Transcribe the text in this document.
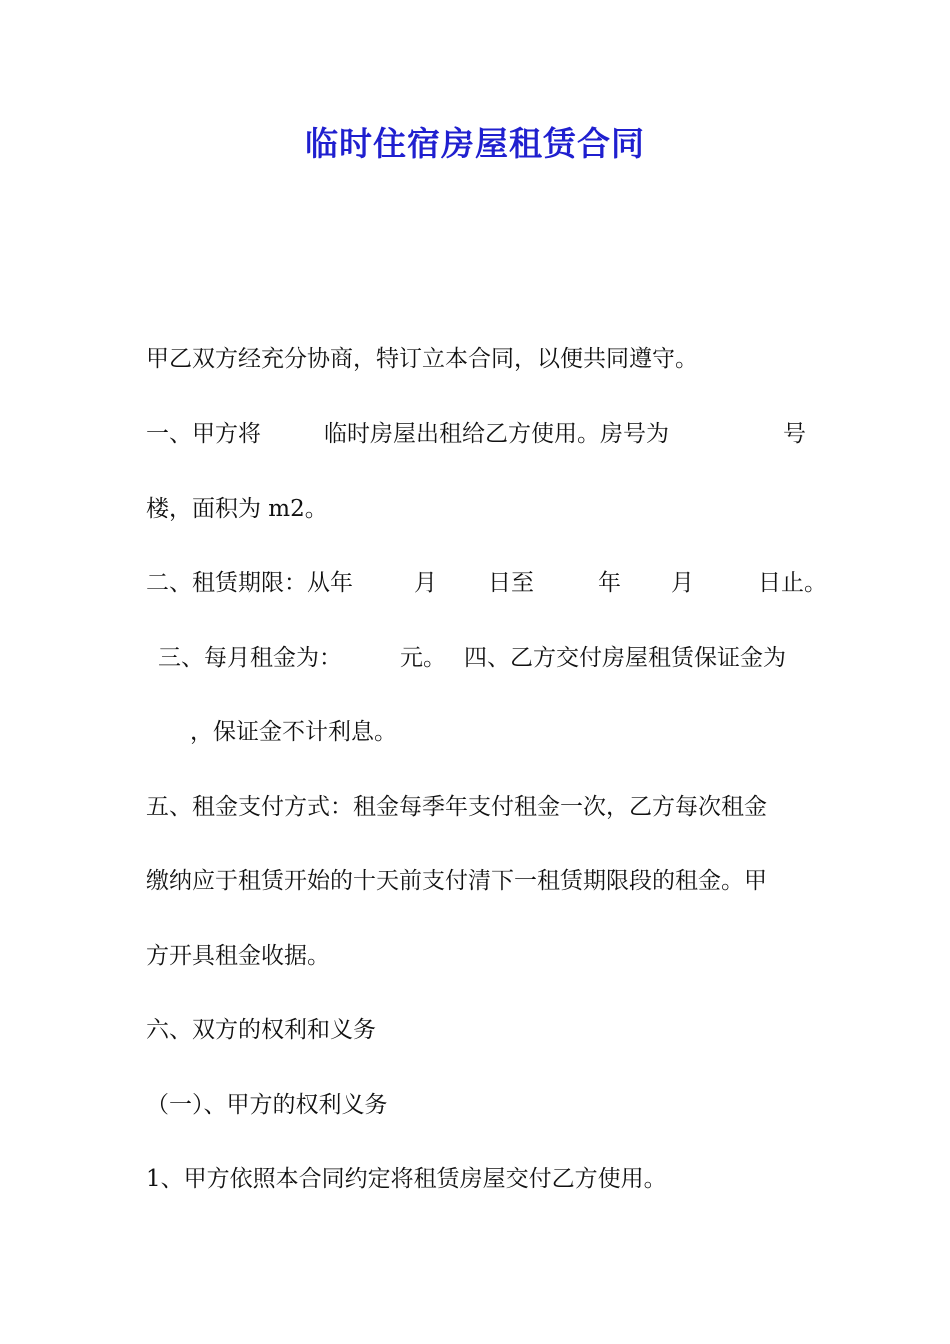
临时住宿房屋租赁合同
甲乙双方经充分协商，特订立本合同，以便共同遵守。
一、甲方将	临时房屋出租给乙方使用。房号为	号
楼，面积为 m2。
二、租赁期限：从年	月 日至	年 月	日止。
三、每月租金为：	元。 四、乙方交付房屋租赁保证金为
，保证金不计利息。
五、租金支付方式：租金每季年支付租金一次，乙方每次租金
缴纳应于租赁开始的十天前支付清下一租赁期限段的租金。甲
方开具租金收据。
六、双方的权利和义务
（一）、甲方的权利义务
1、甲方依照本合同约定将租赁房屋交付乙方使用。
